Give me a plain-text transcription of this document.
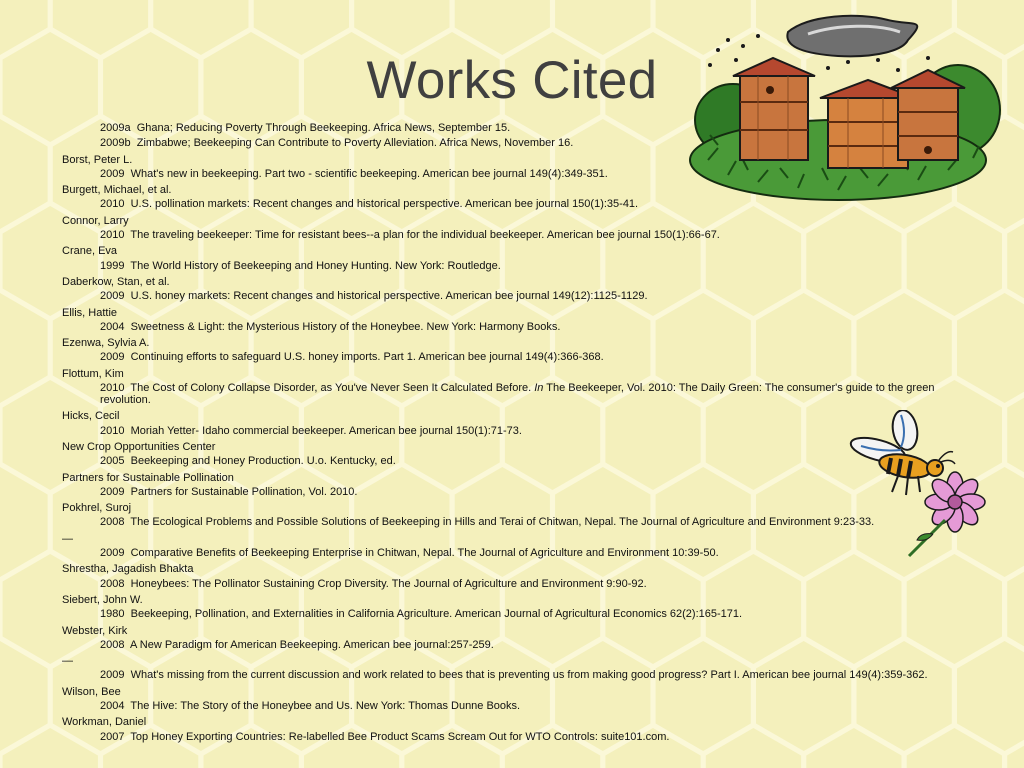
Works Cited
2009a Ghana; Reducing Poverty Through Beekeeping. Africa News, September 15.
2009b Zimbabwe; Beekeeping Can Contribute to Poverty Alleviation. Africa News, November 16.
Borst, Peter L.
2009 What's new in beekeeping. Part two - scientific beekeeping. American bee journal 149(4):349-351.
Burgett, Michael, et al.
2010 U.S. pollination markets: Recent changes and historical perspective. American bee journal 150(1):35-41.
Connor, Larry
2010 The traveling beekeeper: Time for resistant bees--a plan for the individual beekeeper. American bee journal 150(1):66-67.
Crane, Eva
1999 The World History of Beekeeping and Honey Hunting. New York: Routledge.
Daberkow, Stan, et al.
2009 U.S. honey markets: Recent changes and historical perspective. American bee journal 149(12):1125-1129.
Ellis, Hattie
2004 Sweetness & Light: the Mysterious History of the Honeybee. New York: Harmony Books.
Ezenwa, Sylvia A.
2009 Continuing efforts to safeguard U.S. honey imports. Part 1. American bee journal 149(4):366-368.
Flottum, Kim
2010 The Cost of Colony Collapse Disorder, as You've Never Seen It Calculated Before. In The Beekeeper, Vol. 2010: The Daily Green: The consumer's guide to the green revolution.
Hicks, Cecil
2010 Moriah Yetter- Idaho commercial beekeeper. American bee journal 150(1):71-73.
New Crop Opportunities Center
2005 Beekeeping and Honey Production. U.o. Kentucky, ed.
Partners for Sustainable Pollination
2009 Partners for Sustainable Pollination, Vol. 2010.
Pokhrel, Suroj
2008 The Ecological Problems and Possible Solutions of Beekeeping in Hills and Terai of Chitwan, Nepal. The Journal of Agriculture and Environment 9:23-33.
—
2009 Comparative Benefits of Beekeeping Enterprise in Chitwan, Nepal. The Journal of Agriculture and Environment 10:39-50.
Shrestha, Jagadish Bhakta
2008 Honeybees: The Pollinator Sustaining Crop Diversity. The Journal of Agriculture and Environment 9:90-92.
Siebert, John W.
1980 Beekeeping, Pollination, and Externalities in California Agriculture. American Journal of Agricultural Economics 62(2):165-171.
Webster, Kirk
2008 A New Paradigm for American Beekeeping. American bee journal:257-259.
—
2009 What's missing from the current discussion and work related to bees that is preventing us from making good progress? Part I. American bee journal 149(4):359-362.
Wilson, Bee
2004 The Hive: The Story of the Honeybee and Us. New York: Thomas Dunne Books.
Workman, Daniel
2007 Top Honey Exporting Countries: Re-labelled Bee Product Scams Scream Out for WTO Controls: suite101.com.
